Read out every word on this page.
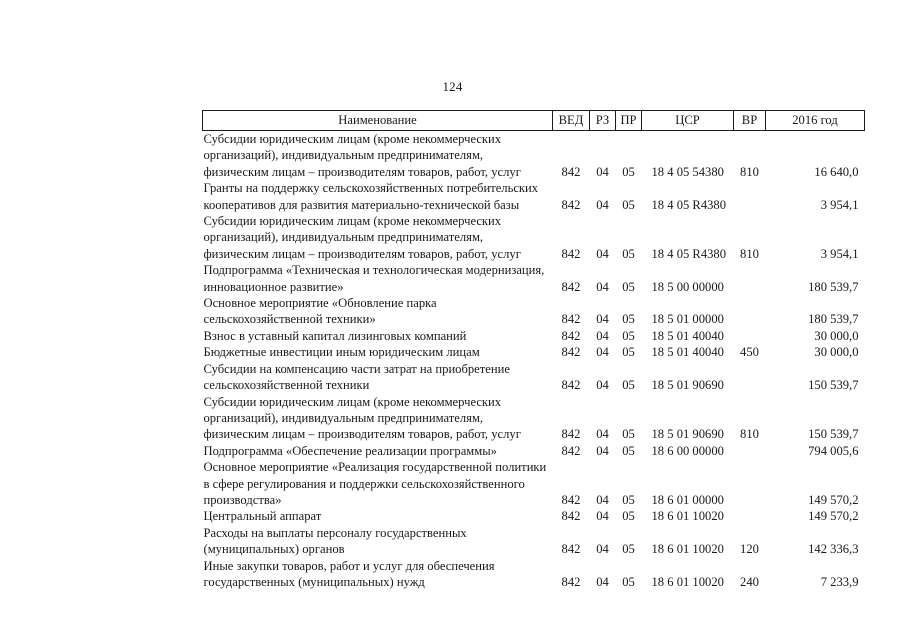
124
Наименование	ВЕД	РЗ	ПР	ЦСР	ВР	2016 год
Субсидии юридическим лицам (кроме некоммерческих организаций), индивидуальным предпринимателям, физическим лицам – производителям товаров, работ, услуг	842	04	05	18 4 05 54380	810	16 640,0
Гранты на поддержку сельскохозяйственных потребительских кооперативов для развития материально-технической базы	842	04	05	18 4 05 R4380		3 954,1
Субсидии юридическим лицам (кроме некоммерческих организаций), индивидуальным предпринимателям, физическим лицам – производителям товаров, работ, услуг	842	04	05	18 4 05 R4380	810	3 954,1
Подпрограмма «Техническая и технологическая модернизация, инновационное развитие»	842	04	05	18 5 00 00000		180 539,7
Основное мероприятие «Обновление парка сельскохозяйственной техники»	842	04	05	18 5 01 00000		180 539,7
Взнос в уставный капитал лизинговых компаний	842	04	05	18 5 01 40040		30 000,0
Бюджетные инвестиции иным юридическим лицам	842	04	05	18 5 01 40040	450	30 000,0
Субсидии на компенсацию части затрат на приобретение сельскохозяйственной техники	842	04	05	18 5 01 90690		150 539,7
Субсидии юридическим лицам (кроме некоммерческих организаций), индивидуальным предпринимателям, физическим лицам – производителям товаров, работ, услуг	842	04	05	18 5 01 90690	810	150 539,7
Подпрограмма «Обеспечение реализации программы»	842	04	05	18 6 00 00000		794 005,6
Основное мероприятие «Реализация государственной политики в сфере регулирования и поддержки сельскохозяйственного производства»	842	04	05	18 6 01 00000		149 570,2
Центральный аппарат	842	04	05	18 6 01 10020		149 570,2
Расходы на выплаты персоналу государственных (муниципальных) органов	842	04	05	18 6 01 10020	120	142 336,3
Иные закупки товаров, работ и услуг для обеспечения государственных (муниципальных) нужд	842	04	05	18 6 01 10020	240	7 233,9
